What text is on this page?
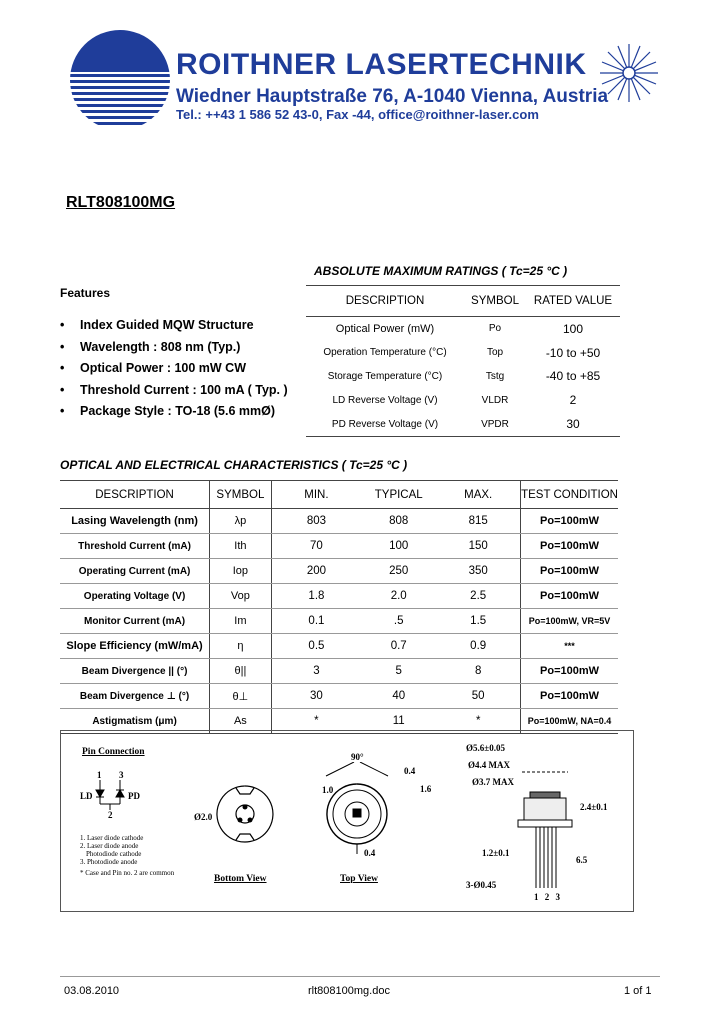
ROITHNER LASERTECHNIK
Wiedner Hauptstraße 76, A-1040 Vienna, Austria
Tel.: ++43 1 586 52 43-0, Fax -44, office@roithner-laser.com
RLT808100MG
Features
• Index Guided MQW Structure
• Wavelength : 808 nm (Typ.)
• Optical Power : 100 mW CW
• Threshold Current : 100 mA ( Typ. )
• Package Style : TO-18 (5.6 mmØ)
ABSOLUTE MAXIMUM RATINGS ( Tc=25 °C )
DESCRIPTION	SYMBOL	RATED VALUE
Optical Power (mW)	Po	100
Operation Temperature (°C)	Top	-10 to +50
Storage Temperature (°C)	Tstg	-40 to +85
LD Reverse Voltage (V)	VLDR	2
PD Reverse Voltage (V)	VPDR	30
OPTICAL AND ELECTRICAL CHARACTERISTICS ( Tc=25 °C )
DESCRIPTION	SYMBOL	MIN.	TYPICAL	MAX.	TEST CONDITION
Lasing Wavelength (nm)	λp	803	808	815	Po=100mW
Threshold Current (mA)	Ith	70	100	150	Po=100mW
Operating Current (mA)	Iop	200	250	350	Po=100mW
Operating Voltage (V)	Vop	1.8	2.0	2.5	Po=100mW
Monitor Current (mA)	Im	0.1	.5	1.5	Po=100mW, VR=5V
Slope Efficiency (mW/mA)	η	0.5	0.7	0.9	***
Beam Divergence || (°)	θ||	3	5	8	Po=100mW
Beam Divergence ⊥ (°)	θ⊥	30	40	50	Po=100mW
Astigmatism (μm)	As	*	11	*	Po=100mW, NA=0.4
Pin Connection
1 3
2
LD	PD
1. Laser diode cathode
2. Laser diode anode
Photodiode cathode
3. Photodiode anode
* Case and Pin no. 2 are common
Ø2.0
Bottom View
90°
0.4
1.0	1.6
0.4
Top View
Ø5.6±0.05
Ø4.4 MAX
Ø3.7 MAX
2.4±0.1
1.2±0.1
6.5
3-Ø0.45
1 2 3
03.08.2010	rlt808100mg.doc	1 of 1
